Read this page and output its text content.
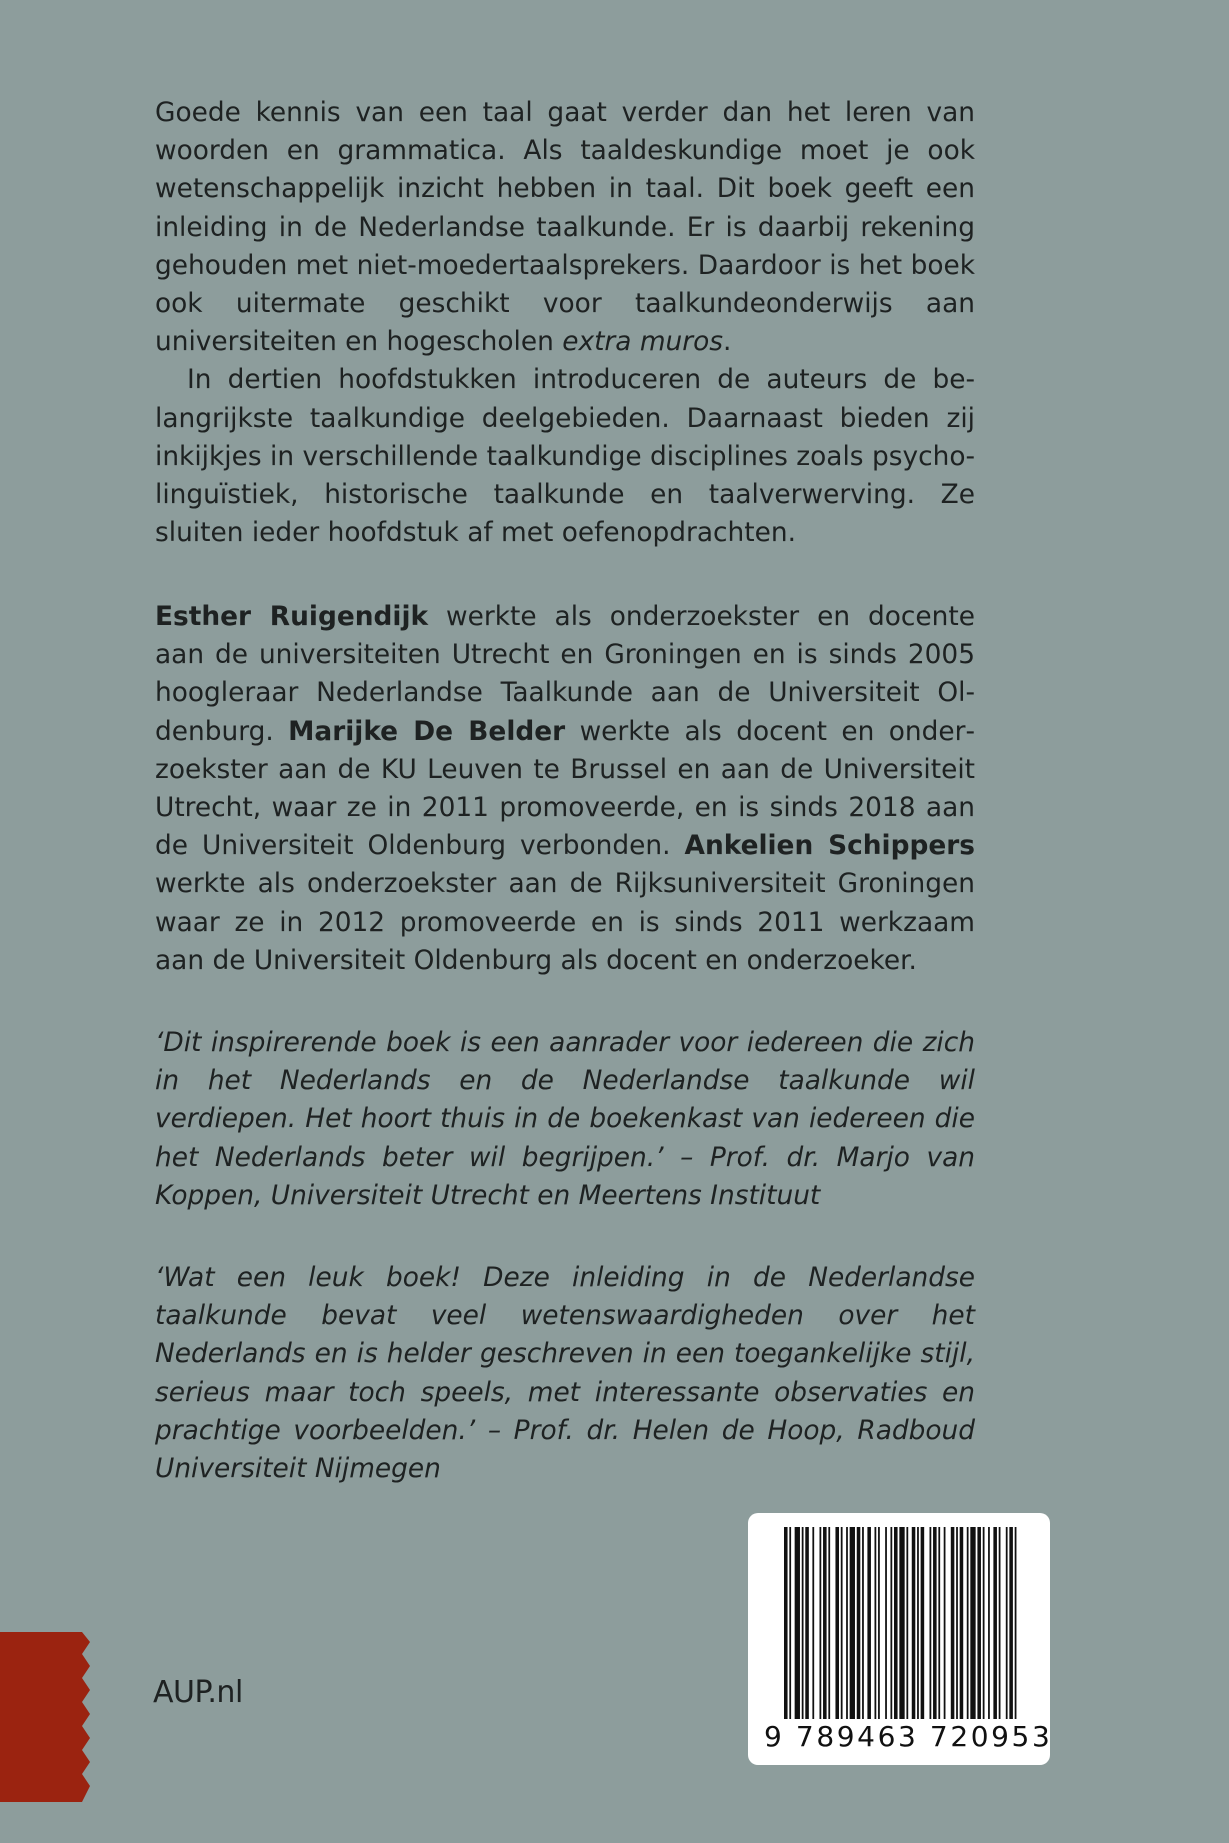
Goede kennis van een taal gaat verder dan het leren van woorden en grammatica. Als taaldeskundige moet je ook wetenschappelijk inzicht hebben in taal. Dit boek geeft een inleiding in de Nederlandse taalkunde. Er is daarbij rekening gehouden met niet-moedertaalsprekers. Daardoor is het boek ook uitermate geschikt voor taalkundeonderwijs aan universiteiten en hogescholen extra muros.

In dertien hoofdstukken introduceren de auteurs de belangrijkste taalkundige deelgebieden. Daarnaast bieden zij inkijkjes in verschillende taalkundige disciplines zoals psycholinguïstiek, historische taalkunde en taalverwerving. Ze sluiten ieder hoofdstuk af met oefenopdrachten.

Esther Ruigendijk werkte als onderzoekster en docente aan de universiteiten Utrecht en Groningen en is sinds 2005 hoogleraar Nederlandse Taalkunde aan de Universiteit Oldenburg. Marijke De Belder werkte als docent en onderzoekster aan de KU Leuven te Brussel en aan de Universiteit Utrecht, waar ze in 2011 promoveerde, en is sinds 2018 aan de Universiteit Oldenburg verbonden. Ankelien Schippers werkte als onderzoekster aan de Rijksuniversiteit Groningen waar ze in 2012 promoveerde en is sinds 2011 werkzaam aan de Universiteit Oldenburg als docent en onderzoeker.

‘Dit inspirerende boek is een aanrader voor iedereen die zich in het Nederlands en de Nederlandse taalkunde wil verdiepen. Het hoort thuis in de boekenkast van iedereen die het Nederlands beter wil begrijpen.’ – Prof. dr. Marjo van Koppen, Universiteit Utrecht en Meertens Instituut

‘Wat een leuk boek! Deze inleiding in de Nederlandse taalkunde bevat veel wetenswaardigheden over het Nederlands en is helder geschreven in een toegankelijke stijl, serieus maar toch speels, met interessante observaties en prachtige voorbeelden.’ – Prof. dr. Helen de Hoop, Radboud Universiteit Nijmegen

9 789463 720953
AUP.nl
